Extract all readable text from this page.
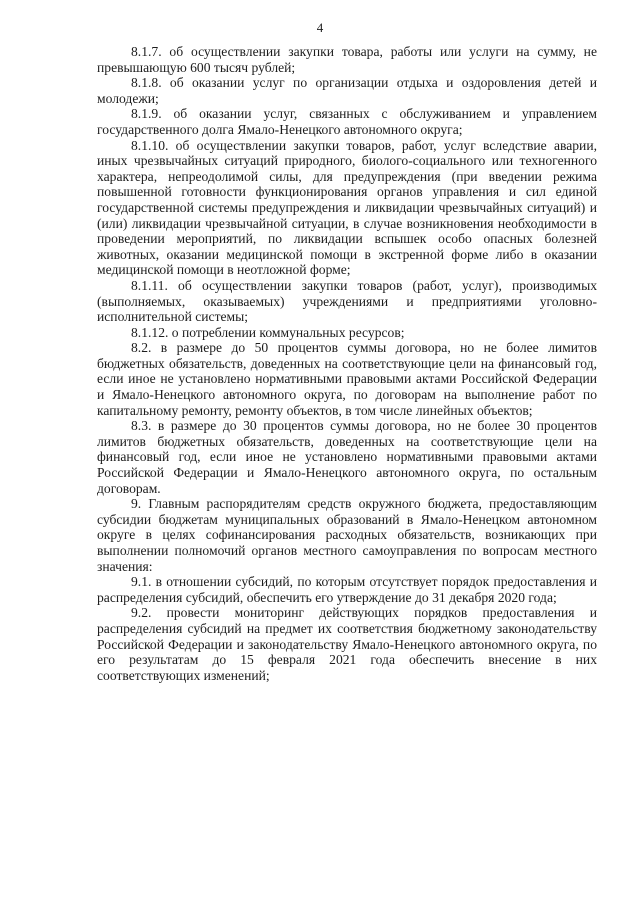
4

8.1.7. об осуществлении закупки товара, работы или услуги на сумму, не превышающую 600 тысяч рублей;

8.1.8. об оказании услуг по организации отдыха и оздоровления детей и молодежи;

8.1.9. об оказании услуг, связанных с обслуживанием и управлением государственного долга Ямало-Ненецкого автономного округа;

8.1.10. об осуществлении закупки товаров, работ, услуг вследствие аварии, иных чрезвычайных ситуаций природного, биолого-социального или техногенного характера, непреодолимой силы, для предупреждения (при введении режима повышенной готовности функционирования органов управления и сил единой государственной системы предупреждения и ликвидации чрезвычайных ситуаций) и (или) ликвидации чрезвычайной ситуации, в случае возникновения необходимости в проведении мероприятий, по ликвидации вспышек особо опасных болезней животных, оказании медицинской помощи в экстренной форме либо в оказании медицинской помощи в неотложной форме;

8.1.11. об осуществлении закупки товаров (работ, услуг), производимых (выполняемых, оказываемых) учреждениями и предприятиями уголовно-исполнительной системы;

8.1.12. о потреблении коммунальных ресурсов;

8.2. в размере до 50 процентов суммы договора, но не более лимитов бюджетных обязательств, доведенных на соответствующие цели на финансовый год, если иное не установлено нормативными правовыми актами Российской Федерации и Ямало-Ненецкого автономного округа, по договорам на выполнение работ по капитальному ремонту, ремонту объектов, в том числе линейных объектов;

8.3. в размере до 30 процентов суммы договора, но не более 30 процентов лимитов бюджетных обязательств, доведенных на соответствующие цели на финансовый год, если иное не установлено нормативными правовыми актами Российской Федерации и Ямало-Ненецкого автономного округа, по остальным договорам.

9. Главным распорядителям средств окружного бюджета, предоставляющим субсидии бюджетам муниципальных образований в Ямало-Ненецком автономном округе в целях софинансирования расходных обязательств, возникающих при выполнении полномочий органов местного самоуправления по вопросам местного значения:

9.1. в отношении субсидий, по которым отсутствует порядок предоставления и распределения субсидий, обеспечить его утверждение до 31 декабря 2020 года;

9.2. провести мониторинг действующих порядков предоставления и распределения субсидий на предмет их соответствия бюджетному законодательству Российской Федерации и законодательству Ямало-Ненецкого автономного округа, по его результатам до 15 февраля 2021 года обеспечить внесение в них соответствующих изменений;
